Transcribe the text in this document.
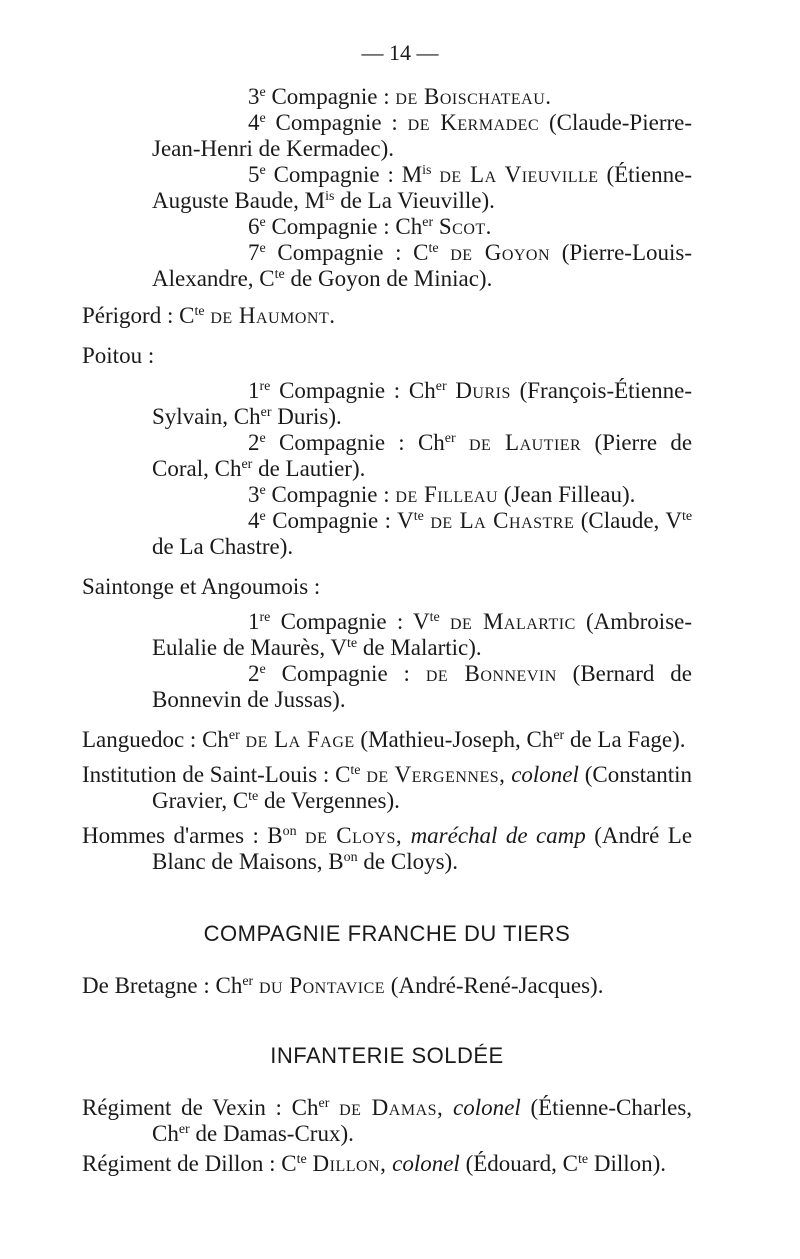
— 14 —
3e Compagnie : de Boischateau.
4e Compagnie : de Kermadec (Claude-Pierre-Jean-Henri de Kermadec).
5e Compagnie : $M^{is}$ de La Vieuville (Étienne-Auguste Baude, $M^{is}$ de La Vieuville).
6e Compagnie : $Ch^{er}$ Scot.
7e Compagnie : $C^{te}$ de Goyon (Pierre-Louis-Alexandre, $C^{te}$ de Goyon de Miniac).
Périgord : $C^{te}$ de Haumont.
Poitou :
1re Compagnie : $Ch^{er}$ Duris (François-Étienne-Sylvain, $Ch^{er}$ Duris).
2e Compagnie : $Ch^{er}$ de Lautier (Pierre de Coral, $Ch^{er}$ de Lautier).
3e Compagnie : de Filleau (Jean Filleau).
4e Compagnie : $V^{te}$ de La Chastre (Claude, $V^{te}$ de La Chastre).
Saintonge et Angoumois :
1re Compagnie : $V^{te}$ de Malartic (Ambroise-Eulalie de Maurès, $V^{te}$ de Malartic).
2e Compagnie : de Bonnevin (Bernard de Bonnevin de Jussas).
Languedoc : $Ch^{er}$ de La Fage (Mathieu-Joseph, $Ch^{er}$ de La Fage).
Institution de Saint-Louis : $C^{te}$ de Vergennes, colonel (Constantin Gravier, $C^{te}$ de Vergennes).
Hommes d'armes : $B^{on}$ de Cloys, maréchal de camp (André Le Blanc de Maisons, $B^{on}$ de Cloys).
COMPAGNIE FRANCHE DU TIERS
De Bretagne : $Ch^{er}$ du Pontavice (André-René-Jacques).
INFANTERIE SOLDÉE
Régiment de Vexin : $Ch^{er}$ de Damas, colonel (Étienne-Charles, $Ch^{er}$ de Damas-Crux).
Régiment de Dillon : $C^{te}$ Dillon, colonel (Édouard, $C^{te}$ Dillon).
